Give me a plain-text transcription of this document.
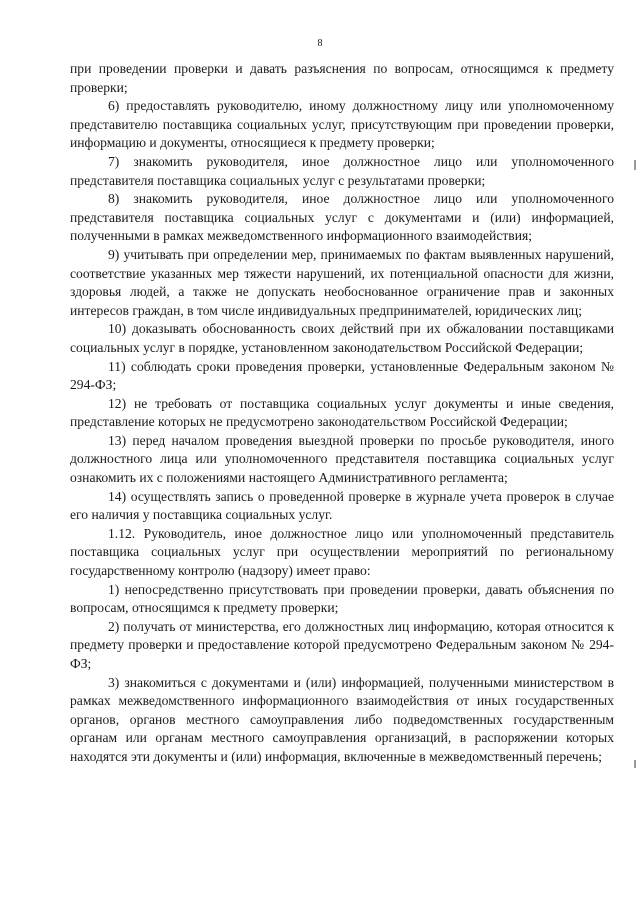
8

при проведении проверки и давать разъяснения по вопросам, относящимся к предмету проверки;

6) предоставлять руководителю, иному должностному лицу или уполномоченному представителю поставщика социальных услуг, присутствующим при проведении проверки, информацию и документы, относящиеся к предмету проверки;

7) знакомить руководителя, иное должностное лицо или уполномоченного представителя поставщика социальных услуг с результатами проверки;

8) знакомить руководителя, иное должностное лицо или уполномоченного представителя поставщика социальных услуг с документами и (или) информацией, полученными в рамках межведомственного информационного взаимодействия;

9) учитывать при определении мер, принимаемых по фактам выявленных нарушений, соответствие указанных мер тяжести нарушений, их потенциальной опасности для жизни, здоровья людей, а также не допускать необоснованное ограничение прав и законных интересов граждан, в том числе индивидуальных предпринимателей, юридических лиц;

10) доказывать обоснованность своих действий при их обжаловании поставщиками социальных услуг в порядке, установленном законодательством Российской Федерации;

11) соблюдать сроки проведения проверки, установленные Федеральным законом № 294-ФЗ;

12) не требовать от поставщика социальных услуг документы и иные сведения, представление которых не предусмотрено законодательством Российской Федерации;

13) перед началом проведения выездной проверки по просьбе руководителя, иного должностного лица или уполномоченного представителя поставщика социальных услуг ознакомить их с положениями настоящего Административного регламента;

14) осуществлять запись о проведенной проверке в журнале учета проверок в случае его наличия у поставщика социальных услуг.

1.12. Руководитель, иное должностное лицо или уполномоченный представитель поставщика социальных услуг при осуществлении мероприятий по региональному государственному контролю (надзору) имеет право:

1) непосредственно присутствовать при проведении проверки, давать объяснения по вопросам, относящимся к предмету проверки;

2) получать от министерства, его должностных лиц информацию, которая относится к предмету проверки и предоставление которой предусмотрено Федеральным законом № 294-ФЗ;

3) знакомиться с документами и (или) информацией, полученными министерством в рамках межведомственного информационного взаимодействия от иных государственных органов, органов местного самоуправления либо подведомственных государственным органам или органам местного самоуправления организаций, в распоряжении которых находятся эти документы и (или) информация, включенные в межведомственный перечень;
